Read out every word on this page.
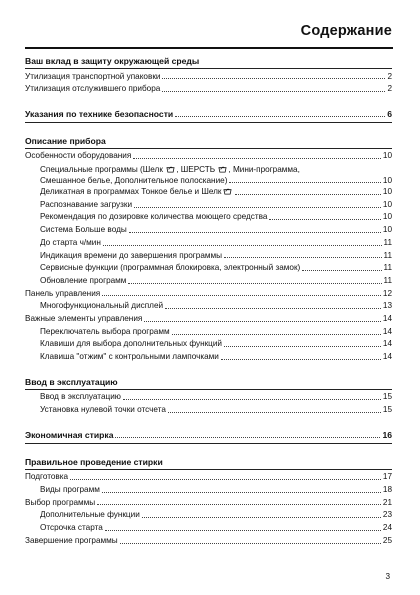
Содержание
Ваш вклад в защиту окружающей среды
Утилизация транспортной упаковки	2
Утилизация отслужившего прибора	2
Указания по технике безопасности	6
Описание прибора
Особенности оборудования	10
Специальные программы (Шелк , ШЕРСТЬ , Мини-программа,
Смешанное белье, Дополнительное полоскание)	10
Деликатная в программах Тонкое белье и Шелк	10
Распознавание загрузки	10
Рекомендация по дозировке количества моющего средства	10
Система Больше воды	10
До старта ч/мин	11
Индикация времени до завершения программы	11
Сервисные функции (программная блокировка, электронный замок)	11
Обновление программ	11
Панель управления	12
Многофункциональный дисплей	13
Важные элементы управления	14
Переключатель выбора программ	14
Клавиши для выбора дополнительных функций	14
Клавиша "отжим" с контрольными лампочками	14
Ввод в эксплуатацию
Ввод в эксплуатацию	15
Установка нулевой точки отсчета	15
Экономичная стирка	16
Правильное проведение стирки
Подготовка	17
Виды программ	18
Выбор программы	21
Дополнительные функции	23
Отсрочка старта	24
Завершение программы	25
3
